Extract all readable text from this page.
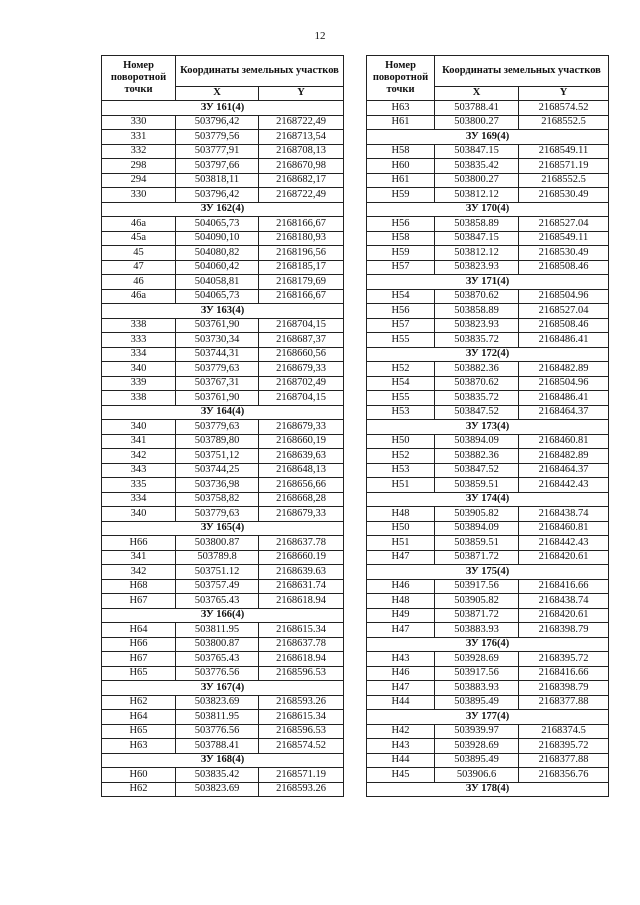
12
Номер поворотной точки	Координаты земельных участков	
	X	Y
ЗУ 161(4)		
330	503796,42	2168722,49
331	503779,56	2168713,54
332	503777,91	2168708,13
298	503797,66	2168670,98
294	503818,11	2168682,17
330	503796,42	2168722,49
ЗУ 162(4)		
46а	504065,73	2168166,67
45а	504090,10	2168180,93
45	504080,82	2168196,56
47	504060,42	2168185,17
46	504058,81	2168179,69
46а	504065,73	2168166,67
ЗУ 163(4)		
338	503761,90	2168704,15
333	503730,34	2168687,37
334	503744,31	2168660,56
340	503779,63	2168679,33
339	503767,31	2168702,49
338	503761,90	2168704,15
ЗУ 164(4)		
340	503779,63	2168679,33
341	503789,80	2168660,19
342	503751,12	2168639,63
343	503744,25	2168648,13
335	503736,98	2168656,66
334	503758,82	2168668,28
340	503779,63	2168679,33
ЗУ 165(4)		
Н66	503800.87	2168637.78
341	503789.8	2168660.19
342	503751.12	2168639.63
Н68	503757.49	2168631.74
Н67	503765.43	2168618.94
ЗУ 166(4)		
Н64	503811.95	2168615.34
Н66	503800.87	2168637.78
Н67	503765.43	2168618.94
Н65	503776.56	2168596.53
ЗУ 167(4)		
Н62	503823.69	2168593.26
Н64	503811.95	2168615.34
Н65	503776.56	2168596.53
Н63	503788.41	2168574.52
ЗУ 168(4)		
Н60	503835.42	2168571.19
Н62	503823.69	2168593.26
Номер поворотной точки	Координаты земельных участков	
	X	Y
Н63	503788.41	2168574.52
Н61	503800.27	2168552.5
ЗУ 169(4)		
Н58	503847.15	2168549.11
Н60	503835.42	2168571.19
Н61	503800.27	2168552.5
Н59	503812.12	2168530.49
ЗУ 170(4)		
Н56	503858.89	2168527.04
Н58	503847.15	2168549.11
Н59	503812.12	2168530.49
Н57	503823.93	2168508.46
ЗУ 171(4)		
Н54	503870.62	2168504.96
Н56	503858.89	2168527.04
Н57	503823.93	2168508.46
Н55	503835.72	2168486.41
ЗУ 172(4)		
Н52	503882.36	2168482.89
Н54	503870.62	2168504.96
Н55	503835.72	2168486.41
Н53	503847.52	2168464.37
ЗУ 173(4)		
Н50	503894.09	2168460.81
Н52	503882.36	2168482.89
Н53	503847.52	2168464.37
Н51	503859.51	2168442.43
ЗУ 174(4)		
Н48	503905.82	2168438.74
Н50	503894.09	2168460.81
Н51	503859.51	2168442.43
Н47	503871.72	2168420.61
ЗУ 175(4)		
Н46	503917.56	2168416.66
Н48	503905.82	2168438.74
Н49	503871.72	2168420.61
Н47	503883.93	2168398.79
ЗУ 176(4)		
Н43	503928.69	2168395.72
Н46	503917.56	2168416.66
Н47	503883.93	2168398.79
Н44	503895.49	2168377.88
ЗУ 177(4)		
Н42	503939.97	2168374.5
Н43	503928.69	2168395.72
Н44	503895.49	2168377.88
Н45	503906.6	2168356.76
ЗУ 178(4)		
